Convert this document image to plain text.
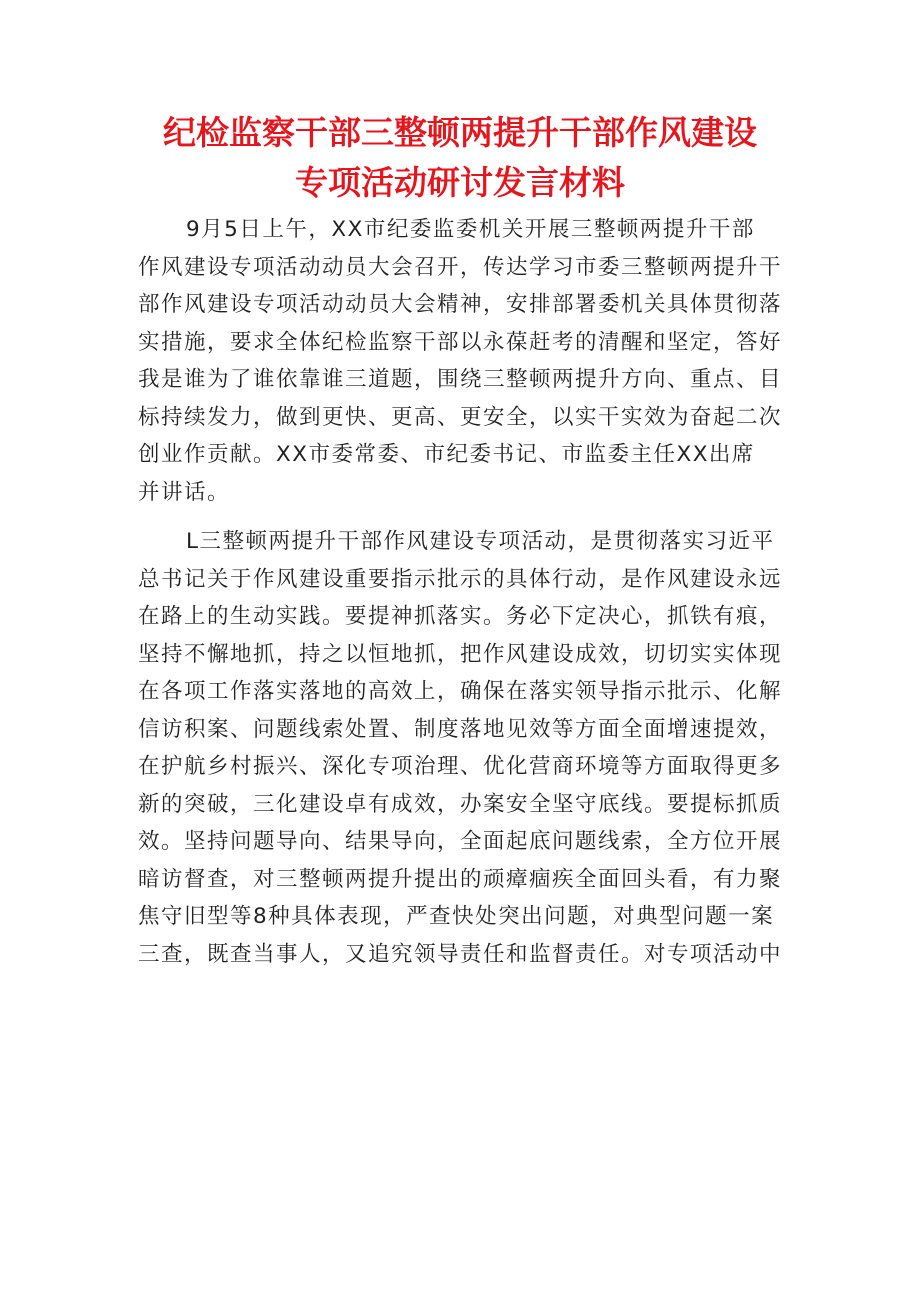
纪检监察干部三整顿两提升干部作风建设
专项活动研讨发言材料
9月5日上午，XX市纪委监委机关开展三整顿两提升干部
作风建设专项活动动员大会召开，传达学习市委三整顿两提升干
部作风建设专项活动动员大会精神，安排部署委机关具体贯彻落
实措施，要求全体纪检监察干部以永葆赶考的清醒和坚定，答好
我是谁为了谁依靠谁三道题，围绕三整顿两提升方向、重点、目
标持续发力，做到更快、更高、更安全，以实干实效为奋起二次
创业作贡献。XX市委常委、市纪委书记、市监委主任XX出席
并讲话。
L三整顿两提升干部作风建设专项活动，是贯彻落实习近平
总书记关于作风建设重要指示批示的具体行动，是作风建设永远
在路上的生动实践。要提神抓落实。务必下定决心，抓铁有痕，
坚持不懈地抓，持之以恒地抓，把作风建设成效，切切实实体现
在各项工作落实落地的高效上，确保在落实领导指示批示、化解
信访积案、问题线索处置、制度落地见效等方面全面增速提效，
在护航乡村振兴、深化专项治理、优化营商环境等方面取得更多
新的突破，三化建设卓有成效，办案安全坚守底线。要提标抓质
效。坚持问题导向、结果导向，全面起底问题线索，全方位开展
暗访督查，对三整顿两提升提出的顽瘴痼疾全面回头看，有力聚
焦守旧型等8种具体表现，严查快处突出问题，对典型问题一案
三查，既查当事人，又追究领导责任和监督责任。对专项活动中
